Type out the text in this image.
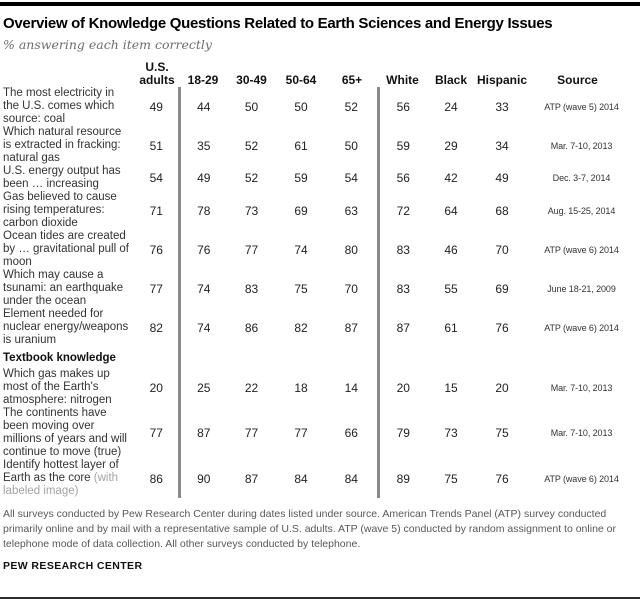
Overview of Knowledge Questions Related to Earth Sciences and Energy Issues

% answering each item correctly

	U.S. adults	18-29	30-49	50-64	65+	White	Black	Hispanic	Source
The most electricity in the U.S. comes which source: coal	49	44	50	50	52	56	24	33	ATP (wave 5) 2014
Which natural resource is extracted in fracking: natural gas	51	35	52	61	50	59	29	34	Mar. 7-10, 2013
U.S. energy output has been … increasing	54	49	52	59	54	56	42	49	Dec. 3-7, 2014
Gas believed to cause rising temperatures: carbon dioxide	71	78	73	69	63	72	64	68	Aug. 15-25, 2014
Ocean tides are created by … gravitational pull of moon	76	76	77	74	80	83	46	70	ATP (wave 6) 2014
Which may cause a tsunami: an earthquake under the ocean	77	74	83	75	70	83	55	69	June 18-21, 2009
Element needed for nuclear energy/weapons is uranium	82	74	86	82	87	87	61	76	ATP (wave 6) 2014
Textbook knowledge									
Which gas makes up most of the Earth's atmosphere: nitrogen	20	25	22	18	14	20	15	20	Mar. 7-10, 2013
The continents have been moving over millions of years and will continue to move (true)	77	87	77	77	66	79	73	75	Mar. 7-10, 2013
Identify hottest layer of Earth as the core (with labeled image)	86	90	87	84	84	89	75	76	ATP (wave 6) 2014

All surveys conducted by Pew Research Center during dates listed under source. American Trends Panel (ATP) survey conducted primarily online and by mail with a representative sample of U.S. adults. ATP (wave 5) conducted by random assignment to online or telephone mode of data collection. All other surveys conducted by telephone.

PEW RESEARCH CENTER
